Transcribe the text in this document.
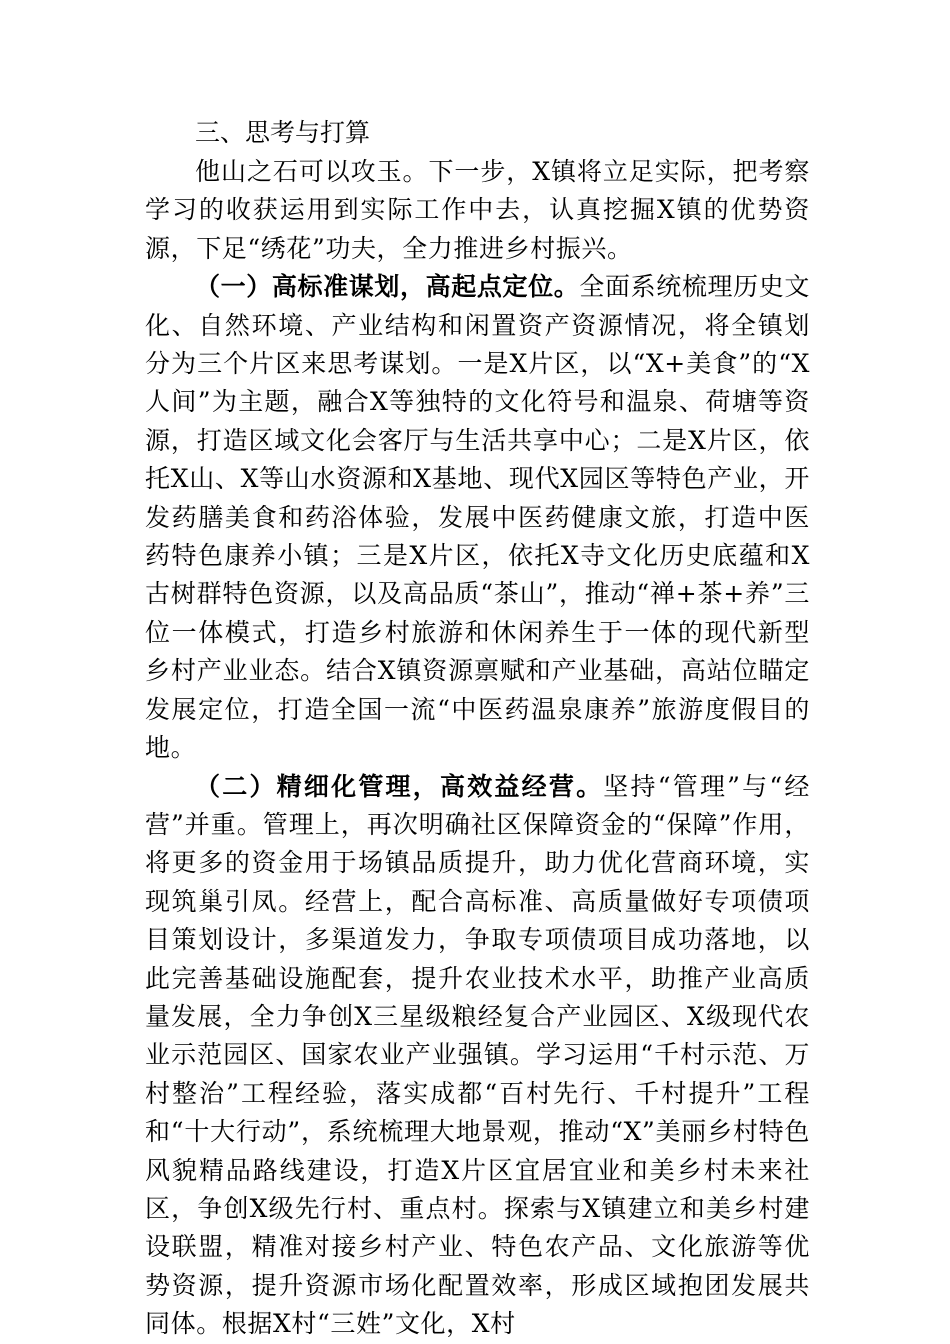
三、思考与打算

他山之石可以攻玉。下一步，X镇将立足实际，把考察学习的收获运用到实际工作中去，认真挖掘X镇的优势资源，下足“绣花”功夫，全力推进乡村振兴。

（一）高标准谋划，高起点定位。全面系统梳理历史文化、自然环境、产业结构和闲置资产资源情况，将全镇划分为三个片区来思考谋划。一是X片区，以“X+美食”的“X人间”为主题，融合X等独特的文化符号和温泉、荷塘等资源，打造区域文化会客厅与生活共享中心；二是X片区，依托X山、X等山水资源和X基地、现代X园区等特色产业，开发药膳美食和药浴体验，发展中医药健康文旅，打造中医药特色康养小镇；三是X片区，依托X寺文化历史底蕴和X古树群特色资源，以及高品质“茶山”，推动“禅+茶+养”三位一体模式，打造乡村旅游和休闲养生于一体的现代新型乡村产业业态。结合X镇资源禀赋和产业基础，高站位瞄定发展定位，打造全国一流“中医药温泉康养”旅游度假目的地。

（二）精细化管理，高效益经营。坚持“管理”与“经营”并重。管理上，再次明确社区保障资金的“保障”作用，将更多的资金用于场镇品质提升，助力优化营商环境，实现筑巢引凤。经营上，配合高标准、高质量做好专项债项目策划设计，多渠道发力，争取专项债项目成功落地，以此完善基础设施配套，提升农业技术水平，助推产业高质量发展，全力争创X三星级粮经复合产业园区、X级现代农业示范园区、国家农业产业强镇。学习运用“千村示范、万村整治”工程经验，落实成都“百村先行、千村提升”工程和“十大行动”，系统梳理大地景观，推动“X”美丽乡村特色风貌精品路线建设，打造X片区宜居宜业和美乡村未来社区，争创X级先行村、重点村。探索与X镇建立和美乡村建设联盟，精准对接乡村产业、特色农产品、文化旅游等优势资源，提升资源市场化配置效率，形成区域抱团发展共同体。根据X村“三姓”文化，X村
